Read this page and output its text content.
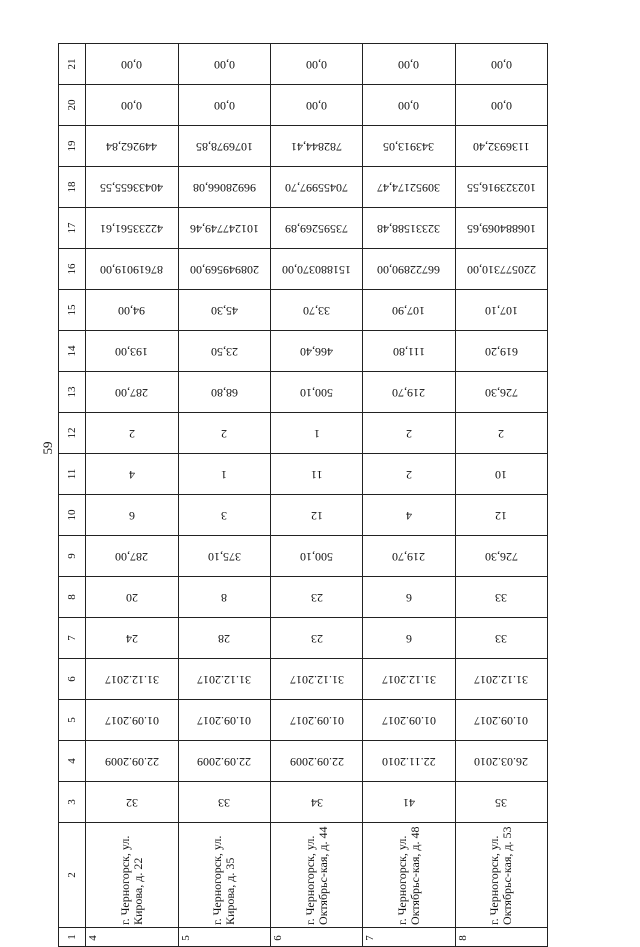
59
21	0,00	0,00	0,00	0,00	0,00

20	0,00	0,00	0,00	0,00	0,00

19	449262,84	1076978,85	782844,41	343913,05	1136932,40

18	40433655,55	96928066,08	70455997,70	30952174,47	102323916,55

17	42233561,61	101247749,46	73595269,89	32331588,48	106884069,65

16	87619019,00	208949569,00	151880370,00	66722890,00	220577310,00

15	94,00	45,30	33,70	107,90	107,10

14	193,00	23,50	466,40	111,80	619,20

13	287,00	68,80	500,10	219,70	726,30

12	2	2	1	2	2

11	4	1	11	2	10

10	6	3	12	4	12

9	287,00	375,10	500,10	219,70	726,30

8	20	8	23	6	33

7	24	28	23	6	33

6	31.12.2017	31.12.2017	31.12.2017	31.12.2017	31.12.2017

5	01.09.2017	01.09.2017	01.09.2017	01.09.2017	01.09.2017

4	22.09.2009	22.09.2009	22.09.2009	22.11.2010	26.03.2010

3	32	33	34	41	35

2	г. Черногорск, ул. Кирова, д. 22	г. Черногорск, ул. Кирова, д. 35	г. Черногорск, ул. Октябрьс-кая, д. 44	г. Черногорск, ул. Октябрьс-кая, д. 48	г. Черногорск, ул. Октябрьс-кая, д. 53

1	4	5	6	7	8
